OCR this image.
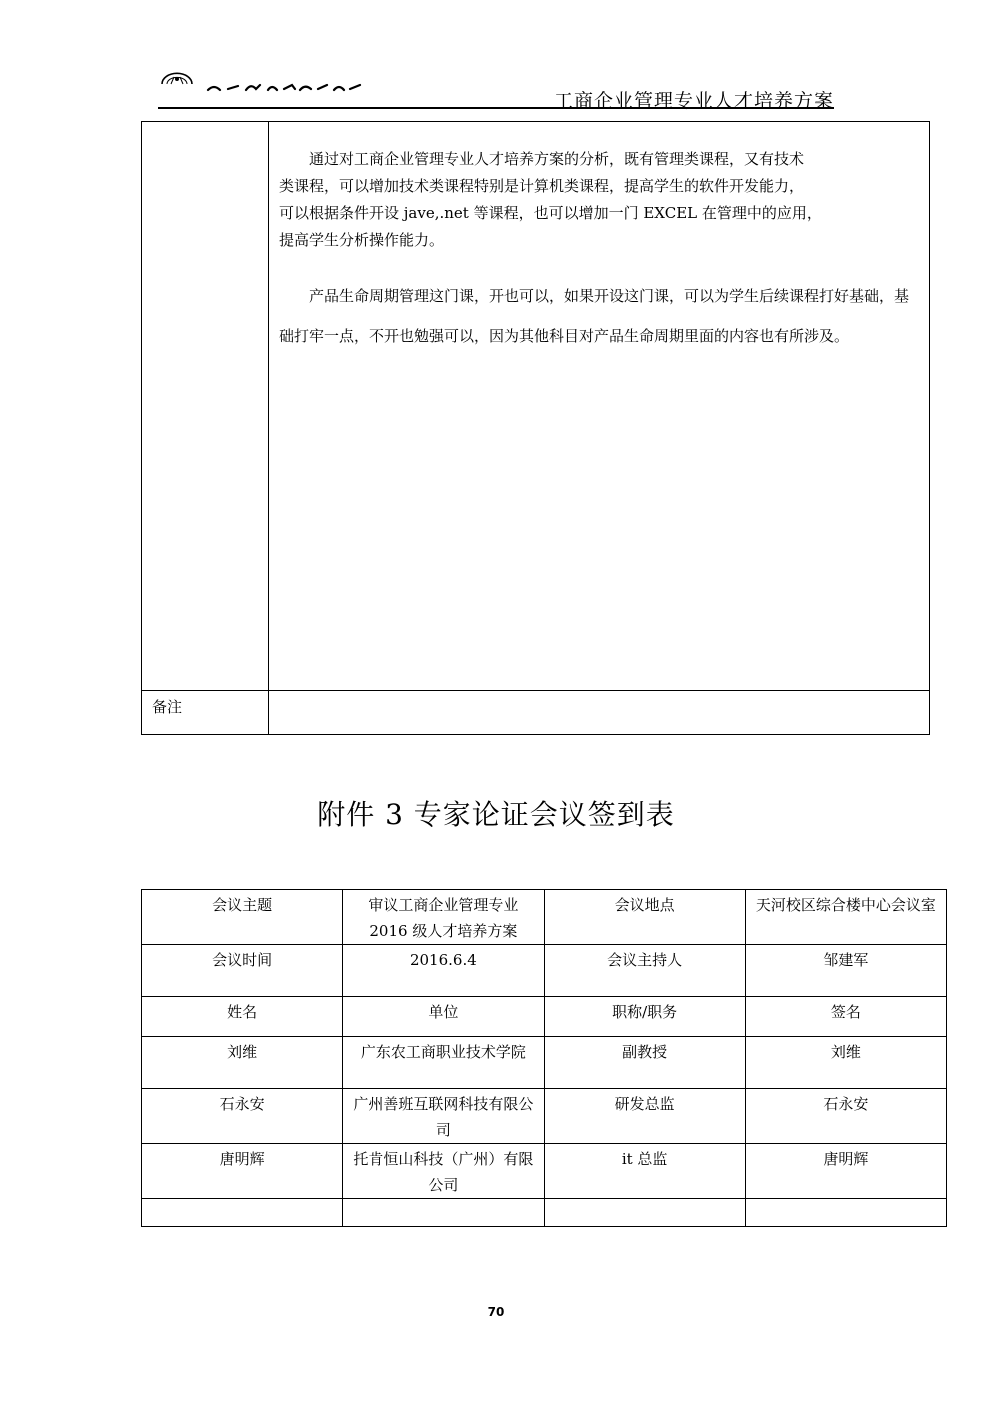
工商企业管理专业人才培养方案

	通过对工商企业管理专业人才培养方案的分析，既有管理类课程，又有技术
类课程，可以增加技术类课程特别是计算机类课程，提高学生的软件开发能力，
可以根据条件开设 jave,.net 等课程，也可以增加一门 EXCEL 在管理中的应用，
提高学生分析操作能力。

产品生命周期管理这门课，开也可以，如果开设这门课，可以为学生后续课程打好基础，基础打牢一点，不开也勉强可以，因为其他科目对产品生命周期里面的内容也有所涉及。

备注	
附件 3 专家论证会议签到表
会议主题	审议工商企业管理专业2016 级人才培养方案	会议地点	天河校区综合楼中心会议室
会议时间	2016.6.4	会议主持人	邹建军
姓名	单位	职称/职务	签名
刘维	广东农工商职业技术学院	副教授	刘维
石永安	广州善班互联网科技有限公司	研发总监	石永安
唐明辉	托肯恒山科技（广州）有限公司	it 总监	唐明辉

70
